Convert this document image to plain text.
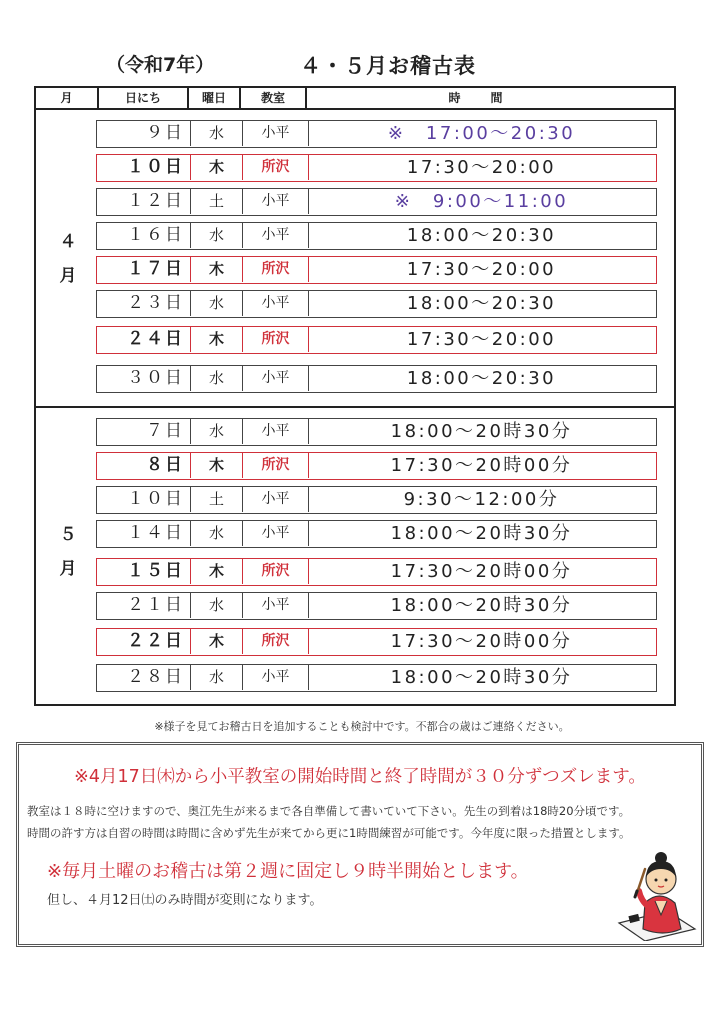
（令和7年）	４・５月お稽古表
月	日にち	曜日	教室	時間
４月
９日	水	小平	※　 17:00〜20:30
１０日	木	所沢	17:30〜20:00
１２日	土	小平	※　 9:00〜11:00
１６日	水	小平	18:00〜20:30
１７日	木	所沢	17:30〜20:00
２３日	水	小平	18:00〜20:30
２４日	木	所沢	17:30〜20:00
３０日	水	小平	18:00〜20:30
５月
７日	水	小平	18:00〜20時30分
８日	木	所沢	17:30〜20時00分
１０日	土	小平	9:30〜12:00分
１４日	水	小平	18:00〜20時30分
１５日	木	所沢	17:30〜20時00分
２１日	水	小平	18:00〜20時30分
２２日	木	所沢	17:30〜20時00分
２８日	水	小平	18:00〜20時30分
※様子を見てお稽古日を追加することも検討中です。不都合の歳はご連絡ください。
※4月17日㈭から小平教室の開始時間と終了時間が３０分ずつズレます。
教室は１８時に空けますので、奥江先生が来るまで各自準備して書いていて下さい。先生の到着は18時20分頃です。
時間の許す方は自習の時間は時間に含めず先生が来てから更に1時間練習が可能です。今年度に限った措置とします。
※毎月土曜のお稽古は第２週に固定し９時半開始とします。
但し、４月12日㈯のみ時間が変則になります。
